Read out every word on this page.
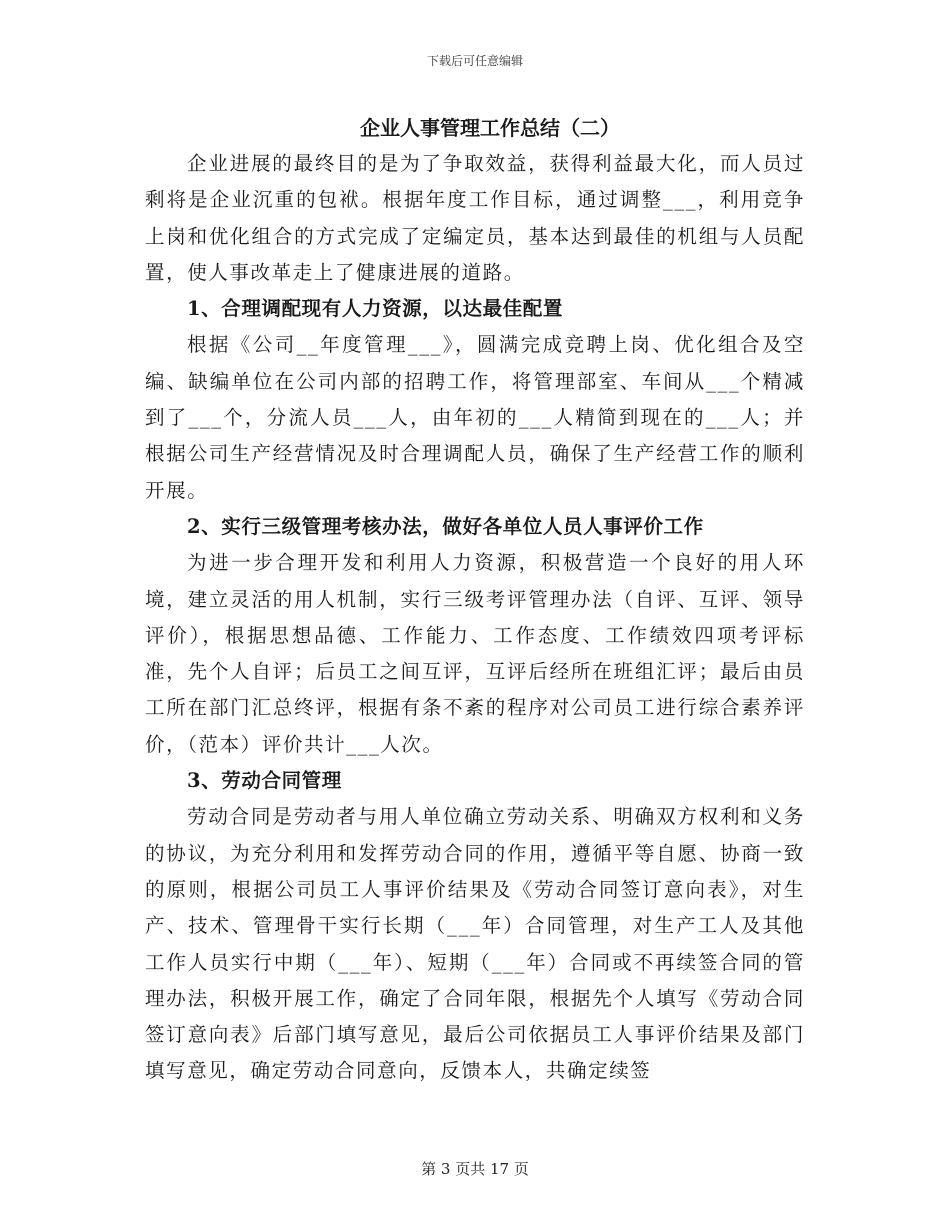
下载后可任意编辑
企业人事管理工作总结（二）

企业进展的最终目的是为了争取效益，获得利益最大化，而人员过剩将是企业沉重的包袱。根据年度工作目标，通过调整___，利用竞争上岗和优化组合的方式完成了定编定员，基本达到最佳的机组与人员配置，使人事改革走上了健康进展的道路。

1、合理调配现有人力资源，以达最佳配置

根据《公司__年度管理___》，圆满完成竞聘上岗、优化组合及空编、缺编单位在公司内部的招聘工作，将管理部室、车间从___个精减到了___个，分流人员___人，由年初的___人精简到现在的___人；并根据公司生产经营情况及时合理调配人员，确保了生产经营工作的顺利开展。

2、实行三级管理考核办法，做好各单位人员人事评价工作

为进一步合理开发和利用人力资源，积极营造一个良好的用人环境，建立灵活的用人机制，实行三级考评管理办法（自评、互评、领导评价），根据思想品德、工作能力、工作态度、工作绩效四项考评标准，先个人自评；后员工之间互评，互评后经所在班组汇评；最后由员工所在部门汇总终评，根据有条不紊的程序对公司员工进行综合素养评价，（范本）评价共计___人次。

3、劳动合同管理

劳动合同是劳动者与用人单位确立劳动关系、明确双方权利和义务的协议，为充分利用和发挥劳动合同的作用，遵循平等自愿、协商一致的原则，根据公司员工人事评价结果及《劳动合同签订意向表》，对生产、技术、管理骨干实行长期（___年）合同管理，对生产工人及其他工作人员实行中期（___年）、短期（___年）合同或不再续签合同的管理办法，积极开展工作，确定了合同年限，根据先个人填写《劳动合同签订意向表》后部门填写意见，最后公司依据员工人事评价结果及部门填写意见，确定劳动合同意向，反馈本人，共确定续签

第 3 页共 17 页
